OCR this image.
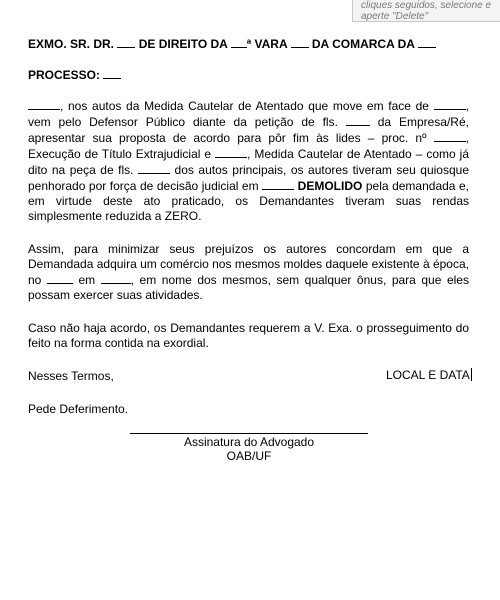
cliques seguidos, selecione e
aperte "Delete"

EXMO. SR. DR. DE DIREITO DA ª VARA DA COMARCA DA

PROCESSO:

, nos autos da Medida Cautelar de Atentado que move em face de	, vem pelo Defensor Público diante da petição de fls.	da Empresa/Ré, apresentar sua proposta de acordo para pôr fim às lides – proc. nº	, Execução de Título Extrajudicial e	, Medida Cautelar de Atentado – como já dito na peça de fls.	dos autos principais, os autores tiveram seu quiosque penhorado por força de decisão judicial em	DEMOLIDO pela demandada e, em virtude deste ato praticado, os Demandantes tiveram suas rendas simplesmente reduzida a ZERO.

Assim, para minimizar seus prejuízos os autores concordam em que a Demandada adquira um comércio nos mesmos moldes daquele existente à época, no	em	, em nome dos mesmos, sem qualquer ônus, para que eles possam exercer suas atividades.

Caso não haja acordo, os Demandantes requerem a V. Exa. o prosseguimento do feito na forma contida na exordial.

Nesses Termos,

Pede Deferimento.

LOCAL E DATA
Assinatura do Advogado
OAB/UF
